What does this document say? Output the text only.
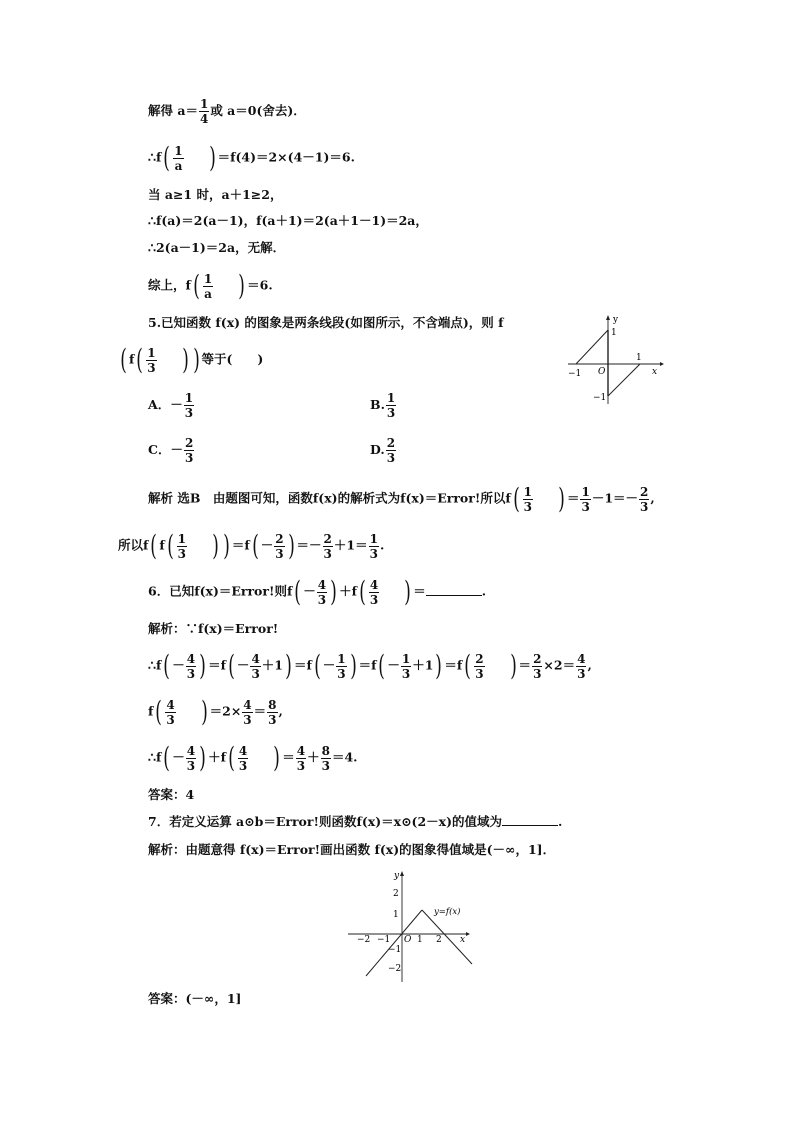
解得 $a= \frac{1}{4}$ 或 a＝0(舍去)．
∴f( $\frac{1}{a}$ ) ＝f(4)＝2×(4－1)＝6.
当 a≥1 时，a＋1≥2，
∴f(a)＝2(a－1)，f(a＋1)＝2(a＋1－1)＝2a，
∴2(a－1)＝2a，无解．
综上，$f( \frac{1}{a}$ ) ＝6.
5.已知函数 f(x) 的图象是两条线段(如图所示，不含端点)，则 f
( $f( \frac{1}{3}$ ) ) 等于(　　)
A．－ $\frac{1}{3}$	B. $\frac{1}{3}$
C．－ $\frac{2}{3}$	D. $\frac{2}{3}$
y
1
−1 O
1
x
−1
解析 选B　由题图可知，函数f(x)的解析式为f(x)＝Error!所以$f( \frac{1}{3}$ ) ＝ $\frac{1}{3} -1=- \frac{2}{3}$ ,
所以f( $f( \frac{1}{3}$ ) ) $=f( - \frac{2}{3}$ ) ＝－ $\frac{2}{3} +1= \frac{1}{3}$ .
6．已知f(x)＝Error!则$f( - \frac{4}{3}$ ) $+f( \frac{4}{3}$ ) ＝	.
解析：∵f(x)＝Error!
∴f( － $\frac{4}{3}$ ) $=f( - \frac{4}{3} +1) =f( - \frac{1}{3}$ ) $=f( - \frac{1}{3} +1) =f( \frac{2}{3}$ ) ＝ $\frac{2}{3} \times 2= \frac{4}{3}$ ,
$f( \frac{4}{3}$ ) $=2\times \frac{4}{3} = \frac{8}{3}$ ,
∴f( － $\frac{4}{3}$ ) $+f( \frac{4}{3}$ ) ＝ $\frac{4}{3} + \frac{8}{3} =4$.
答案：4
7．若定义运算 a⊙b＝Error!则函数f(x)＝x⊙(2－x)的值域为	.
解析：由题意得 f(x)＝Error!画出函数 f(x)的图象得值域是(－∞，1]．
y
2
1	y=f(x)
−2 −1 O 1 2 x
−1
−2
答案：(－∞，1]
